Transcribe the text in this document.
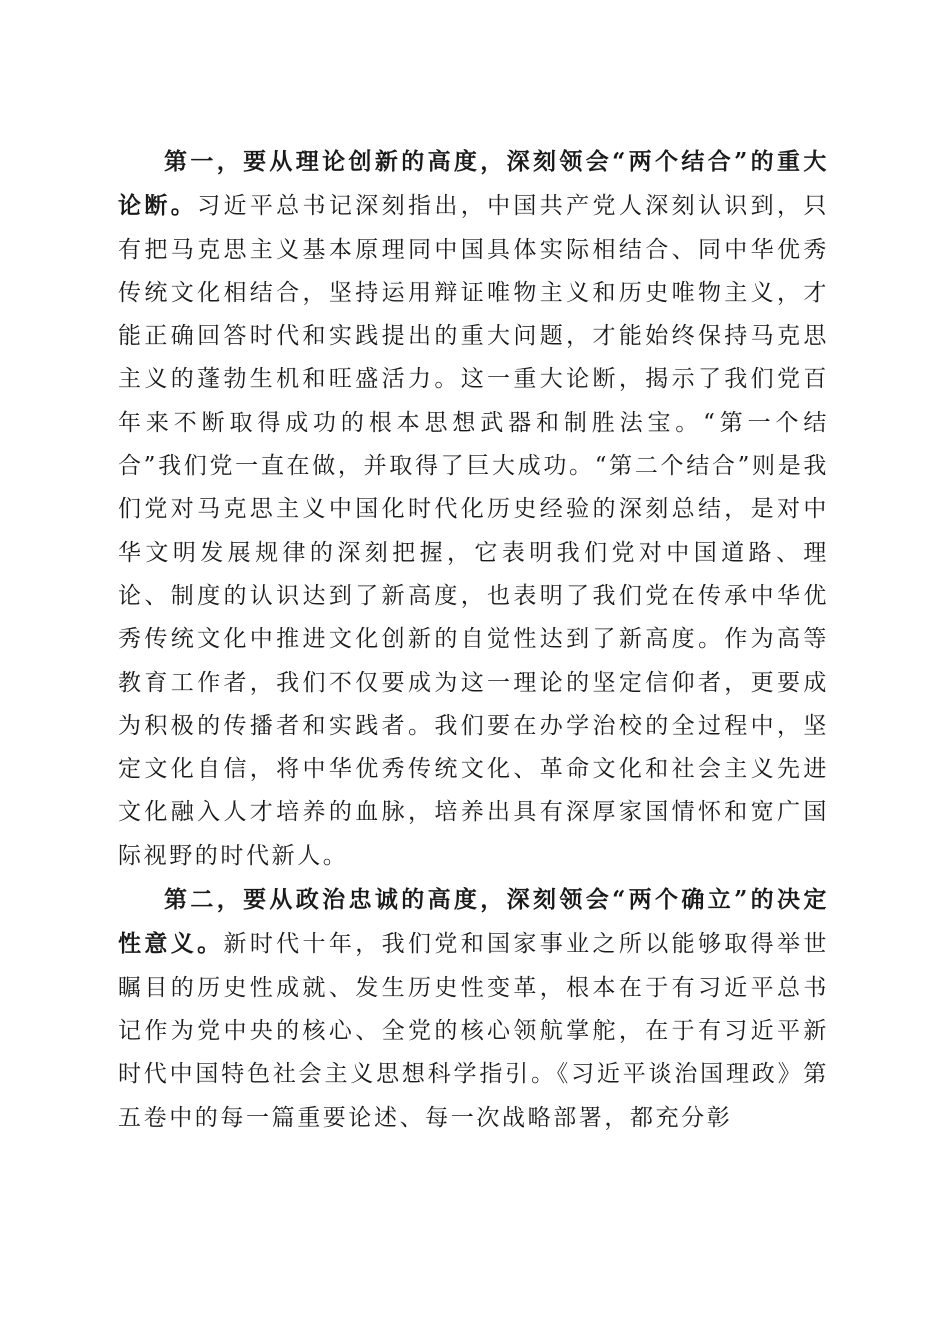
第一，要从理论创新的高度，深刻领会“两个结合”的重大论断。习近平总书记深刻指出，中国共产党人深刻认识到，只有把马克思主义基本原理同中国具体实际相结合、同中华优秀传统文化相结合，坚持运用辩证唯物主义和历史唯物主义，才能正确回答时代和实践提出的重大问题，才能始终保持马克思主义的蓬勃生机和旺盛活力。这一重大论断，揭示了我们党百年来不断取得成功的根本思想武器和制胜法宝。“第一个结合”我们党一直在做，并取得了巨大成功。“第二个结合”则是我们党对马克思主义中国化时代化历史经验的深刻总结，是对中华文明发展规律的深刻把握，它表明我们党对中国道路、理论、制度的认识达到了新高度，也表明了我们党在传承中华优秀传统文化中推进文化创新的自觉性达到了新高度。作为高等教育工作者，我们不仅要成为这一理论的坚定信仰者，更要成为积极的传播者和实践者。我们要在办学治校的全过程中，坚定文化自信，将中华优秀传统文化、革命文化和社会主义先进文化融入人才培养的血脉，培养出具有深厚家国情怀和宽广国际视野的时代新人。

第二，要从政治忠诚的高度，深刻领会“两个确立”的决定性意义。新时代十年，我们党和国家事业之所以能够取得举世瞩目的历史性成就、发生历史性变革，根本在于有习近平总书记作为党中央的核心、全党的核心领航掌舵，在于有习近平新时代中国特色社会主义思想科学指引。《习近平谈治国理政》第五卷中的每一篇重要论述、每一次战略部署，都充分彰
